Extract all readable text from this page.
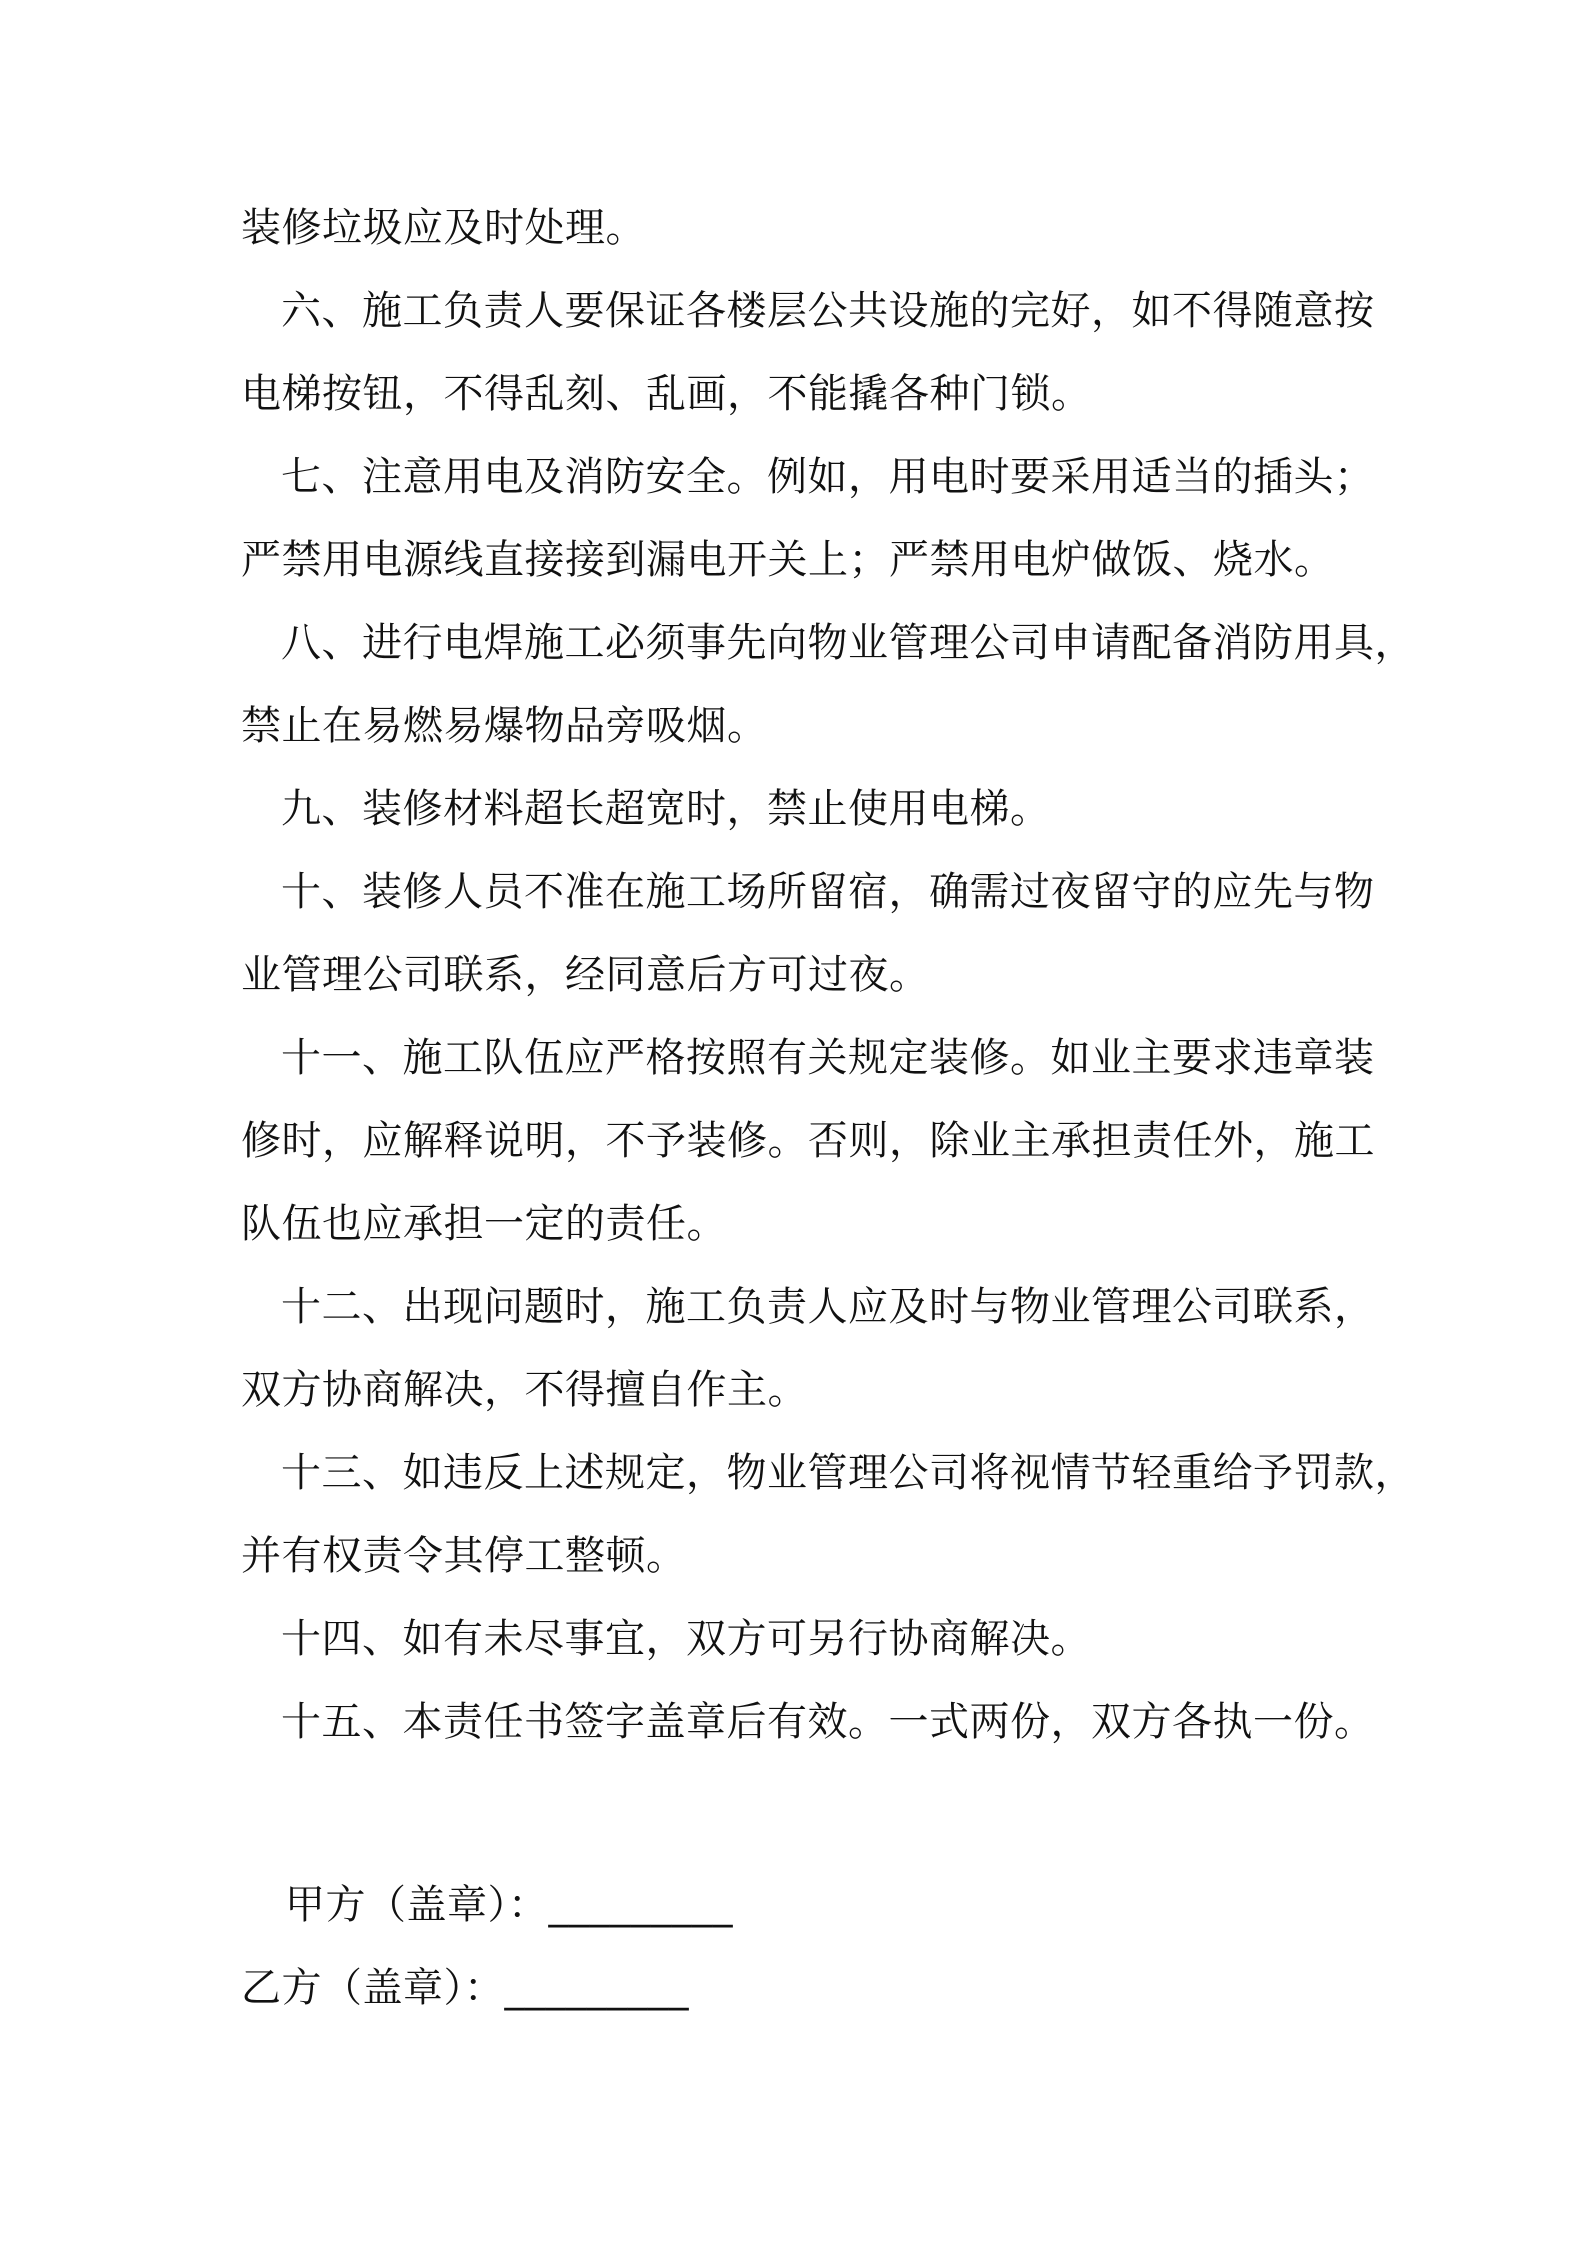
装修垃圾应及时处理。

六、施工负责人要保证各楼层公共设施的完好，如不得随意按

电梯按钮，不得乱刻、乱画，不能撬各种门锁。

七、注意用电及消防安全。例如，用电时要采用适当的插头；

严禁用电源线直接接到漏电开关上；严禁用电炉做饭、烧水。

八、进行电焊施工必须事先向物业管理公司申请配备消防用具，

禁止在易燃易爆物品旁吸烟。

九、装修材料超长超宽时，禁止使用电梯。

十、装修人员不准在施工场所留宿，确需过夜留守的应先与物

业管理公司联系，经同意后方可过夜。

十一、施工队伍应严格按照有关规定装修。如业主要求违章装

修时，应解释说明，不予装修。否则，除业主承担责任外，施工

队伍也应承担一定的责任。

十二、出现问题时，施工负责人应及时与物业管理公司联系，

双方协商解决，不得擅自作主。

十三、如违反上述规定，物业管理公司将视情节轻重给予罚款，

并有权责令其停工整顿。

十四、如有未尽事宜，双方可另行协商解决。

十五、本责任书签字盖章后有效。一式两份，双方各执一份。

甲方（盖章）：_________

乙方（盖章）：_________
